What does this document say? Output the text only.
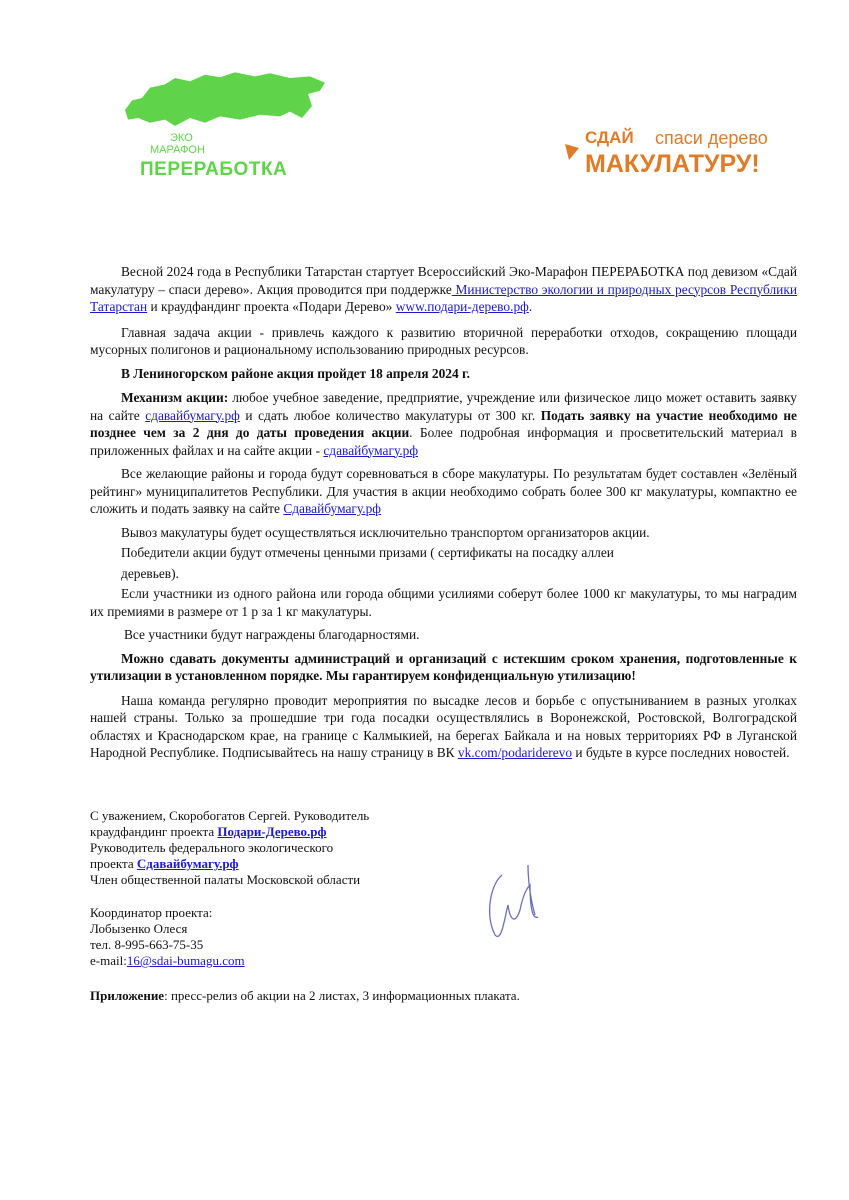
ЭКО
МАРАФОН
ПЕРЕРАБОТКА
СДАЙ спаси дерево
МАКУЛАТУРУ!
Весной 2024 года в Республики Татарстан стартует Всероссийский Эко-Марафон ПЕРЕРАБОТКА под девизом «Сдай макулатуру – спаси дерево». Акция проводится при поддержке Министерство экологии и природных ресурсов Республики Татарстан и краудфандинг проекта «Подари Дерево» www.подари-дерево.рф.
Главная задача акции - привлечь каждого к развитию вторичной переработки отходов, сокращению площади мусорных полигонов и рациональному использованию природных ресурсов.
В Лениногорском районе акция пройдет 18 апреля 2024 г.
Механизм акции: любое учебное заведение, предприятие, учреждение или физическое лицо может оставить заявку на сайте сдавайбумагу.рф и сдать любое количество макулатуры от 300 кг. Подать заявку на участие необходимо не позднее чем за 2 дня до даты проведения акции. Более подробная информация и просветительский материал в приложенных файлах и на сайте акции - сдавайбумагу.рф
Все желающие районы и города будут соревноваться в сборе макулатуры. По результатам будет составлен «Зелёный рейтинг» муниципалитетов Республики. Для участия в акции необходимо собрать более 300 кг макулатуры, компактно ее сложить и подать заявку на сайте Сдавайбумагу.рф
Вывоз макулатуры будет осуществляться исключительно транспортом организаторов акции.
Победители акции будут отмечены ценными призами ( сертификаты на посадку аллеи
деревьев).
Если участники из одного района или города общими усилиями соберут более 1000 кг макулатуры, то мы наградим их премиями в размере от 1 р за 1 кг макулатуры.
Все участники будут награждены благодарностями.
Можно сдавать документы администраций и организаций с истекшим сроком хранения, подготовленные к утилизации в установленном порядке. Мы гарантируем конфиденциальную утилизацию!
Наша команда регулярно проводит мероприятия по высадке лесов и борьбе с опустыниванием в разных уголках нашей страны. Только за прошедшие три года посадки осуществлялись в Воронежской, Ростовской, Волгоградской областях и Краснодарском крае, на границе с Калмыкией, на берегах Байкала и на новых территориях РФ в Луганской Народной Республике. Подписывайтесь на нашу страницу в ВК vk.com/podariderevo и будьте в курсе последних новостей.
С уважением, Скоробогатов Сергей. Руководитель
краудфандинг проекта Подари-Дерево.рф
Руководитель федерального экологического
проекта Сдавайбумагу.рф
Член общественной палаты Московской области
Координатор проекта:
Лобызенко Олеся
тел. 8-995-663-75-35
e-mail:16@sdai-bumagu.com
Приложение: пресс-релиз об акции на 2 листах, 3 информационных плаката.
